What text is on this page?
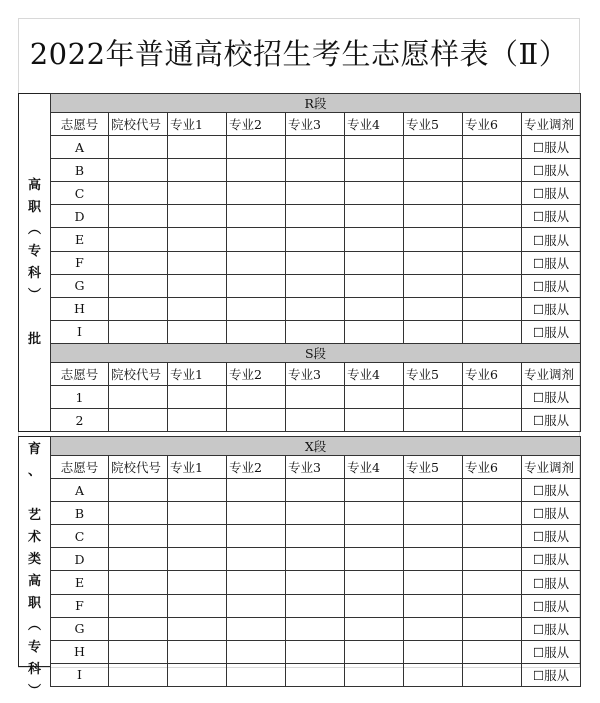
2022年普通高校招生考生志愿样表（Ⅱ）
高
职
︵
专
科
︶

批
R段								
志愿号	院校代号	专业1	专业2	专业3	专业4	专业5	专业6	专业调剂
A								☐服从
B								☐服从
C								☐服从
D								☐服从
E								☐服从
F								☐服从
G								☐服从
H								☐服从
I								☐服从
S段								
志愿号	院校代号	专业1	专业2	专业3	专业4	专业5	专业6	专业调剂
1								☐服从
2								☐服从
育
、

艺
术
类
高
职
︵
专
科
︶
X段								
志愿号	院校代号	专业1	专业2	专业3	专业4	专业5	专业6	专业调剂
A								☐服从
B								☐服从
C								☐服从
D								☐服从
E								☐服从
F								☐服从
G								☐服从
H								☐服从
I								☐服从
